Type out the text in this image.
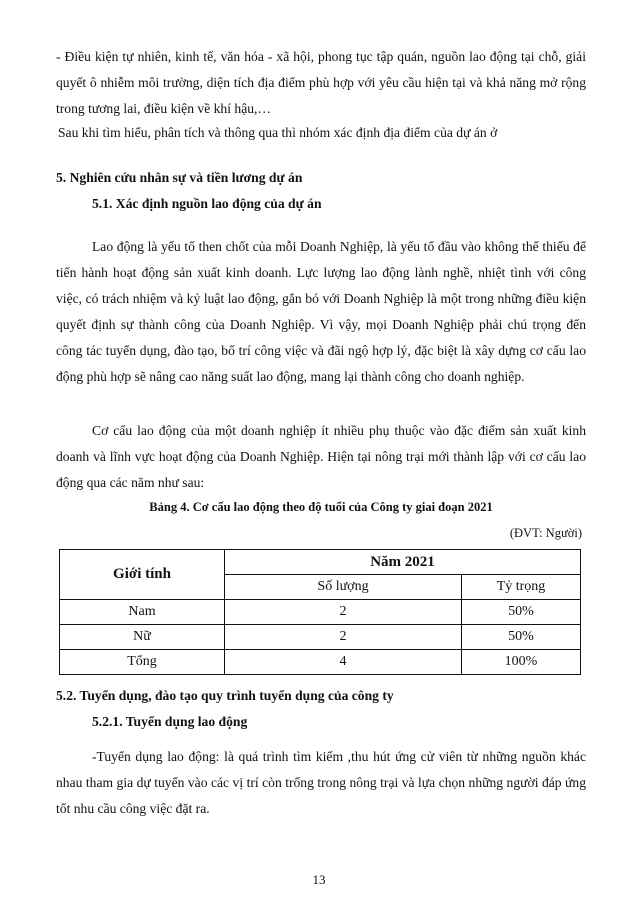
- Điều kiện tự nhiên, kinh tế, văn hóa - xã hội, phong tục tập quán, nguồn lao động tại chỗ, giải quyết ô nhiễm môi trường, diện tích địa điểm phù hợp với yêu cầu hiện tại và khả năng mở rộng trong tương lai, điều kiện về khí hậu,…

Sau khi tìm hiểu, phân tích và thông qua thì nhóm xác định địa điểm của dự án ở

5. Nghiên cứu nhân sự và tiền lương dự án

5.1. Xác định nguồn lao động của dự án

Lao động là yếu tố then chốt của mỗi Doanh Nghiệp, là yếu tố đầu vào không thể thiếu để tiến hành hoạt động sản xuất kinh doanh. Lực lượng lao động lành nghề, nhiệt tình với công việc, có trách nhiệm và kỷ luật lao động, gắn bó với Doanh Nghiệp là một trong những điều kiện quyết định sự thành công của Doanh Nghiệp. Vì vậy, mọi Doanh Nghiệp phải chú trọng đến công tác tuyển dụng, đào tạo, bố trí công việc và đãi ngộ hợp lý, đặc biệt là xây dựng cơ cấu lao động phù hợp sẽ nâng cao năng suất lao động, mang lại thành công cho doanh nghiệp.

Cơ cấu lao động của một doanh nghiệp ít nhiều phụ thuộc vào đặc điểm sản xuất kinh doanh và lĩnh vực hoạt động của Doanh Nghiệp. Hiện tại nông trại mới thành lập với cơ cấu lao động qua các năm như sau:

Bảng 4. Cơ cấu lao động theo độ tuổi của Công ty giai đoạn 2021

(ĐVT: Người)

Giới tính	Năm 2021	
	Số lượng	Tỷ trọng
Nam	2	50%
Nữ	2	50%
Tổng	4	100%

5.2. Tuyển dụng, đào tạo quy trình tuyển dụng của công ty

5.2.1. Tuyển dụng lao động

-Tuyển dụng lao động: là quá trình tìm kiếm ,thu hút ứng cử viên từ những nguồn khác nhau tham gia dự tuyển vào các vị trí còn trống trong nông trại và lựa chọn những người đáp ứng tốt nhu cầu công việc đặt ra.

13
